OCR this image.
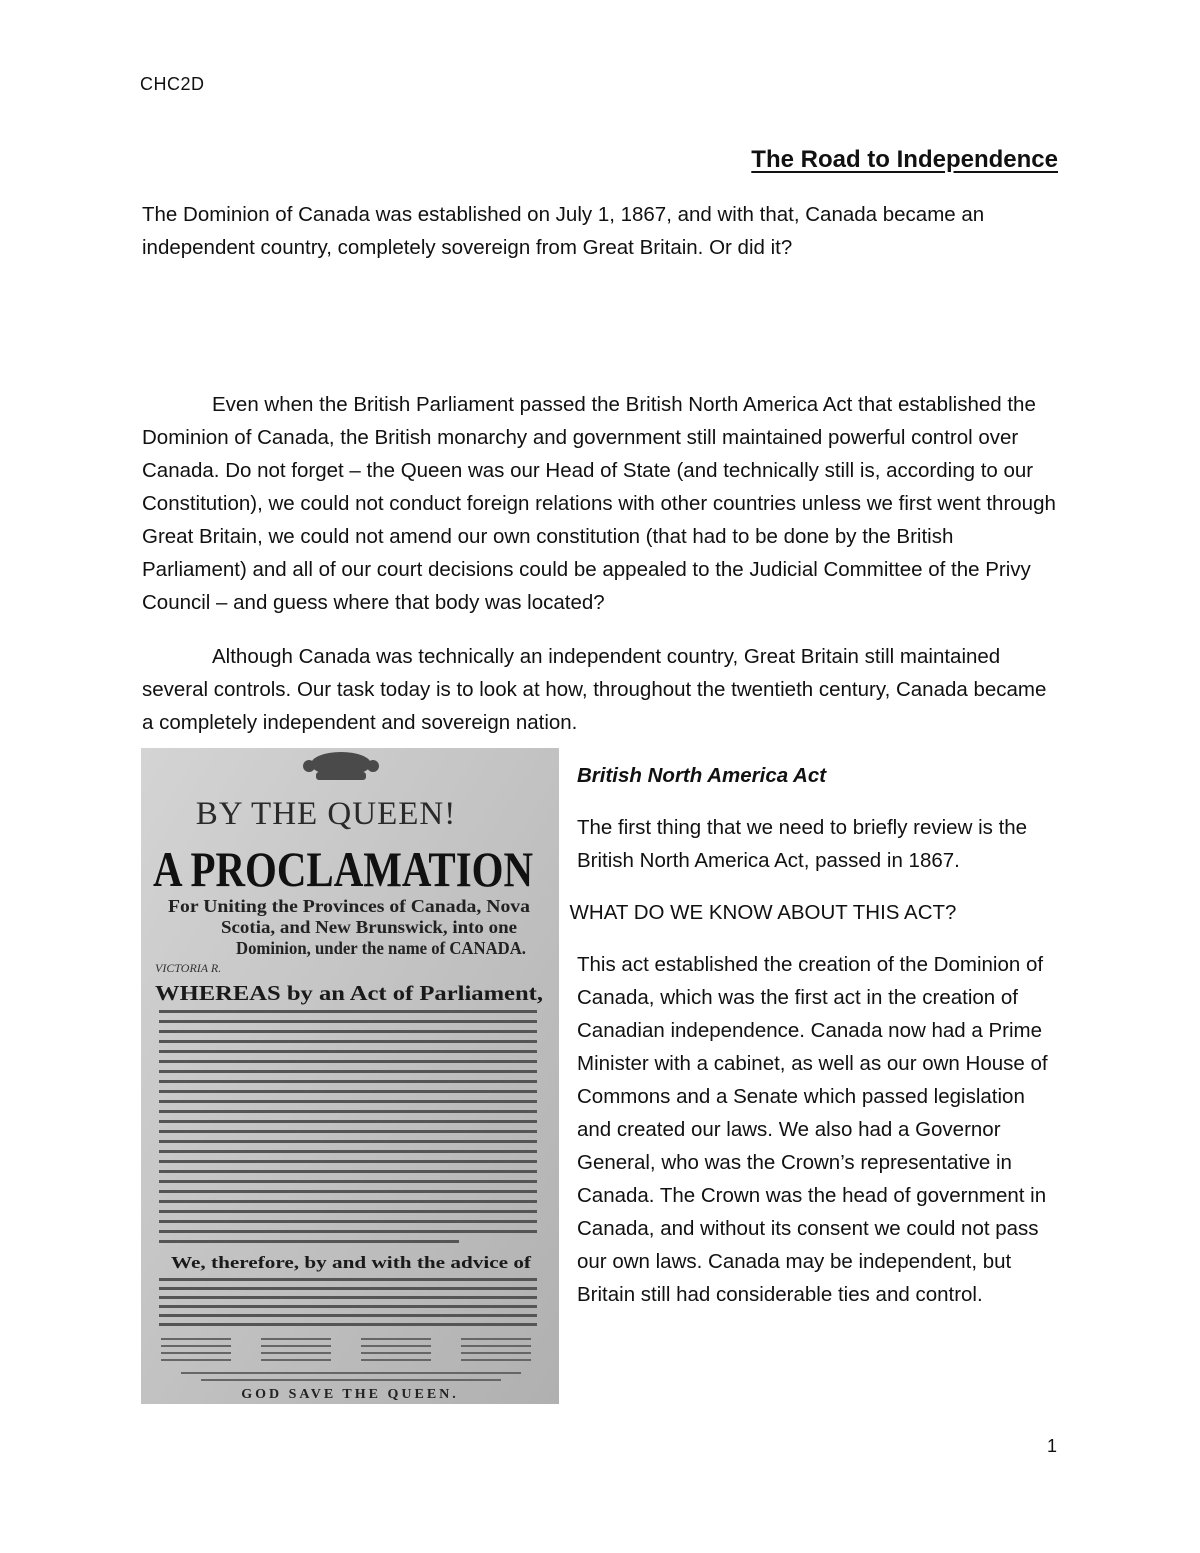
CHC2D
The Road to Independence

The Dominion of Canada was established on July 1, 1867, and with that, Canada became an independent country, completely sovereign from Great Britain. Or did it?

Even when the British Parliament passed the British North America Act that established the Dominion of Canada, the British monarchy and government still maintained powerful control over Canada. Do not forget – the Queen was our Head of State (and technically still is, according to our Constitution), we could not conduct foreign relations with other countries unless we first went through Great Britain, we could not amend our own constitution (that had to be done by the British Parliament) and all of our court decisions could be appealed to the Judicial Committee of the Privy Council – and guess where that body was located?

Although Canada was technically an independent country, Great Britain still maintained several controls. Our task today is to look at how, throughout the twentieth century, Canada became a completely independent and sovereign nation.

BY THE QUEEN!
A PROCLAMATION
For Uniting the Provinces of Canada, Nova
Scotia, and New Brunswick, into one
Dominion, under the name of CANADA.
VICTORIA R.
WHEREAS by an Act of Parliament,
We, therefore, by and with the advice of
GOD SAVE THE QUEEN.

British North America Act

The first thing that we need to briefly review is the British North America Act, passed in 1867.

WHAT DO WE KNOW ABOUT THIS ACT?

This act established the creation of the Dominion of Canada, which was the first act in the creation of Canadian independence. Canada now had a Prime Minister with a cabinet, as well as our own House of Commons and a Senate which passed legislation and created our laws. We also had a Governor General, who was the Crown’s representative in Canada. The Crown was the head of government in Canada, and without its consent we could not pass our own laws. Canada may be independent, but Britain still had considerable ties and control.

1
